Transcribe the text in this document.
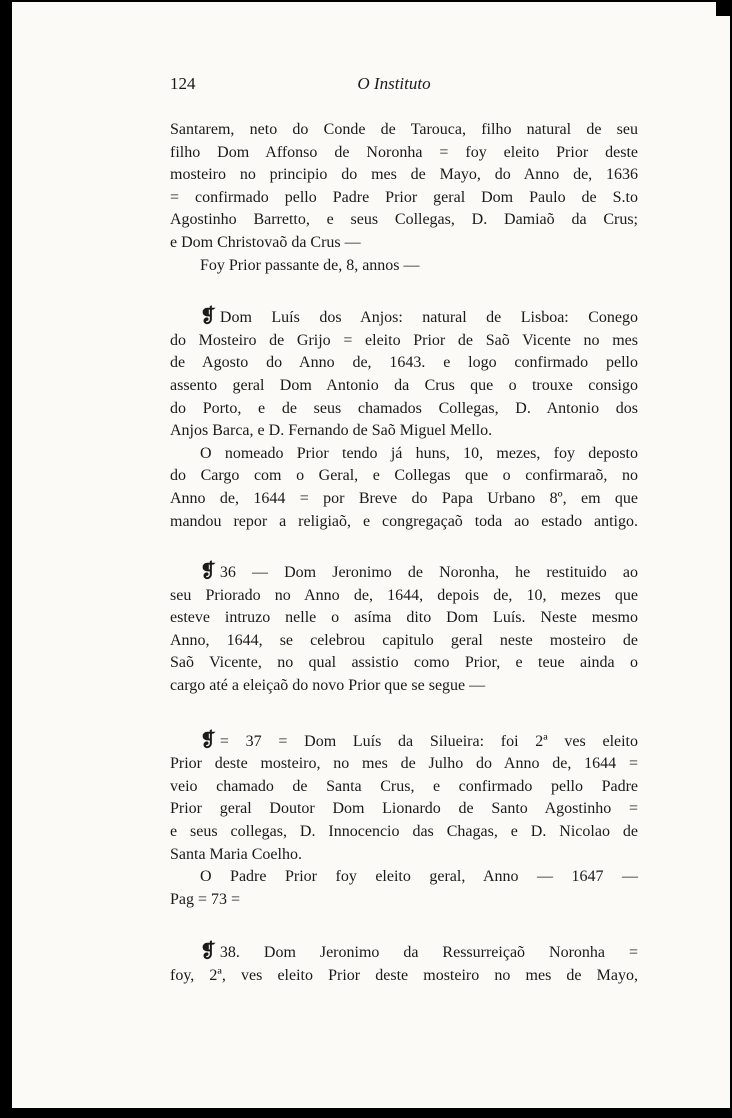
124	O Instituto
Santarem, neto do Conde de Tarouca, filho natural de seu
filho Dom Affonso de Noronha = foy eleito Prior deste
mosteiro no principio do mes de Mayo, do Anno de, 1636
= confirmado pello Padre Prior geral Dom Paulo de S.to
Agostinho Barretto, e seus Collegas, D. Damiaõ da Crus;
e Dom Christovaõ da Crus —
Foy Prior passante de, 8, annos —
❡ Dom Luís dos Anjos: natural de Lisboa: Conego
do Mosteiro de Grijo = eleito Prior de Saõ Vicente no mes
de Agosto do Anno de, 1643. e logo confirmado pello
assento geral Dom Antonio da Crus que o trouxe consigo
do Porto, e de seus chamados Collegas, D. Antonio dos
Anjos Barca, e D. Fernando de Saõ Miguel Mello.
O nomeado Prior tendo já huns, 10, mezes, foy deposto
do Cargo com o Geral, e Collegas que o confirmaraõ, no
Anno de, 1644 = por Breve do Papa Urbano 8º, em que
mandou repor a religiaõ, e congregaçaõ toda ao estado antigo.
❡ 36 — Dom Jeronimo de Noronha, he restituido ao
seu Priorado no Anno de, 1644, depois de, 10, mezes que
esteve intruzo nelle o asíma dito Dom Luís. Neste mesmo
Anno, 1644, se celebrou capitulo geral neste mosteiro de
Saõ Vicente, no qual assistio como Prior, e teue ainda o
cargo até a eleiçaõ do novo Prior que se segue —
❡ = 37 = Dom Luís da Silueira: foi 2ª ves eleito
Prior deste mosteiro, no mes de Julho do Anno de, 1644 =
veio chamado de Santa Crus, e confirmado pello Padre
Prior geral Doutor Dom Lionardo de Santo Agostinho =
e seus collegas, D. Innocencio das Chagas, e D. Nicolao de
Santa Maria Coelho.
O Padre Prior foy eleito geral, Anno — 1647 —
Pag = 73 =
❡ 38. Dom Jeronimo da Ressurreiçaõ Noronha =
foy, 2ª, ves eleito Prior deste mosteiro no mes de Mayo,
